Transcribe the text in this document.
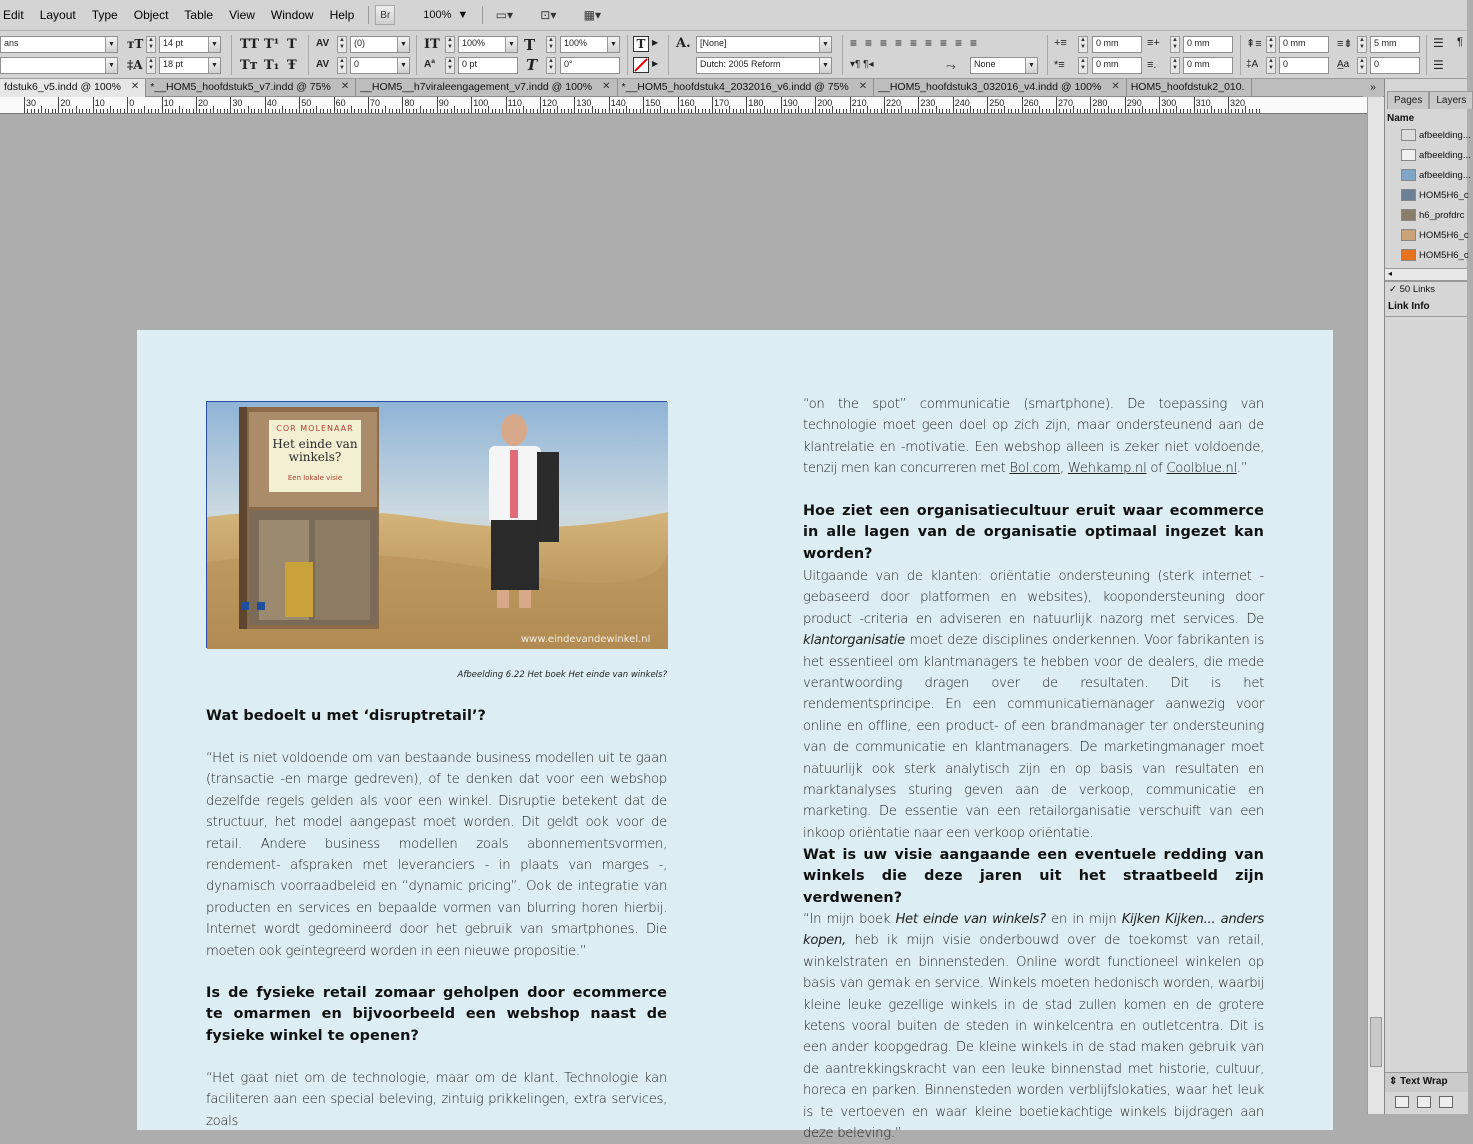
Edit	Layout	Type	Object	Table	View	Window	Help	Br	100% ▼	▭▾	⊡▾	▦▾
ans	▼
▼
ᴛT ▲
▼	14 pt	▼
‡A ▲
▼	18 pt	▼
TT T¹ T
Tт T₁ Ŧ
AV	▲
▼	(0)	▼
AV	▲
▼	0	▼
IT	▲
▼	100%	▼
Aª	▲
▼	0 pt
T	▲
▼	100%	▼
T	▲
▼	0°
T ▶
▶
A.	[None]	▼
Dutch: 2005 Reform	▼
≡≡≡≡≡≡≡≡≡
▾¶ ¶◂	⤳	None	▼
+≡	▲
▼	0 mm
*≡	▲
▼	0 mm
≡+	▲
▼	0 mm
≡.	▲
▼	0 mm
⇞≡	▲
▼	0 mm
‡A	▲
▼	0
≡⇟	▲
▼	5 mm
A̲a	▲
▼	0
☰
☰
¶
fdstuk6_v5.indd @ 100% ✕ *__HOM5_hoofdstuk5_v7.indd @ 75% ✕ __HOM5__h7viraleengagement_v7.indd @ 100% ✕ *__HOM5_hoofdstuk4_2032016_v6.indd @ 75% ✕ __HOM5_hoofdstuk3_032016_v4.indd @ 100% ✕ HOM5_hoofdstuk2_010.	»
30	20	10	0	10	20	30	40	50	60	70	80	90	100 110 120 130 140 150 160 170 180 190 200 210 220 230 240 250 260 270 280 290 300 310 320
COR MOLENAAR
Het einde van winkels?
Een lokale visie
www.eindevandewinkel.nl
Afbeelding 6.22 Het boek Het einde van winkels?
Wat bedoelt u met ‘disruptretail’?
“Het is niet voldoende om van bestaande business modellen uit te gaan (transactie -en marge gedreven), of te denken dat voor een webshop dezelfde regels gelden als voor een winkel. Disruptie betekent dat de structuur, het model aangepast moet worden. Dit geldt ook voor de retail. Andere business modellen zoals abonnementsvormen, rendement- afspraken met leveranciers - in plaats van marges -, dynamisch voorraadbeleid en “dynamic pricing”. Ook de integratie van producten en services en bepaalde vormen van blurring horen hierbij. Internet wordt gedomineerd door het gebruik van smartphones. Die moeten ook geïntegreerd worden in een nieuwe propositie.”
Is de fysieke retail zomaar geholpen door ecommerce te omarmen en bijvoorbeeld een webshop naast de fysieke winkel te openen?
“Het gaat niet om de technologie, maar om de klant. Technologie kan faciliteren aan een special beleving, zintuig prikkelingen, extra services, zoals
“on the spot” communicatie (smartphone). De toepassing van technologie moet geen doel op zich zijn, maar ondersteunend aan de klantrelatie en -motivatie. Een webshop alleen is zeker niet voldoende, tenzij men kan concurreren met Bol.com, Wehkamp.nl of Coolblue.nl.”
Hoe ziet een organisatiecultuur eruit waar ecommerce in alle lagen van de organisatie optimaal ingezet kan worden?
Uitgaande van de klanten: oriëntatie ondersteuning (sterk internet -gebaseerd door platformen en websites), koopondersteuning door product -criteria en adviseren en natuurlijk nazorg met services. De klantorganisatie moet deze disciplines onderkennen. Voor fabrikanten is het essentieel om klantmanagers te hebben voor de dealers, die mede verantwoording dragen over de resultaten. Dit is het rendementsprincipe. En een communicatiemanager aanwezig voor online en offline, een product- of een brandmanager ter ondersteuning van de communicatie en klantmanagers. De marketingmanager moet natuurlijk ook sterk analytisch zijn en op basis van resultaten en marktanalyses sturing geven aan de verkoop, communicatie en marketing. De essentie van een retailorganisatie verschuift van een inkoop oriëntatie naar een verkoop oriëntatie.
Wat is uw visie aangaande een eventuele redding van winkels die deze jaren uit het straatbeeld zijn verdwenen?
“In mijn boek Het einde van winkels? en in mijn Kijken Kijken... anders kopen, heb ik mijn visie onderbouwd over de toekomst van retail, winkelstraten en binnensteden. Online wordt functioneel winkelen op basis van gemak en service. Winkels moeten hedonisch worden, waarbij kleine leuke gezellige winkels in de stad zullen komen en de grotere ketens vooral buiten de steden in winkelcentra en outletcentra. Dit is een ander koopgedrag. De kleine winkels in de stad maken gebruik van de aantrekkingskracht van een leuke binnenstad met historie, cultuur, horeca en parken. Binnensteden worden verblijfslokaties, waar het leuk is te vertoeven en waar kleine boetiekachtige winkels bijdragen aan deze beleving.”
Pages	Layers
Name
afbeelding...
afbeelding...
afbeelding...
HOM5H6_c
h6_profdrc
HOM5H6_c
HOM5H6_c
◂
✓ 50 Links
Link Info
⇕ Text Wrap
